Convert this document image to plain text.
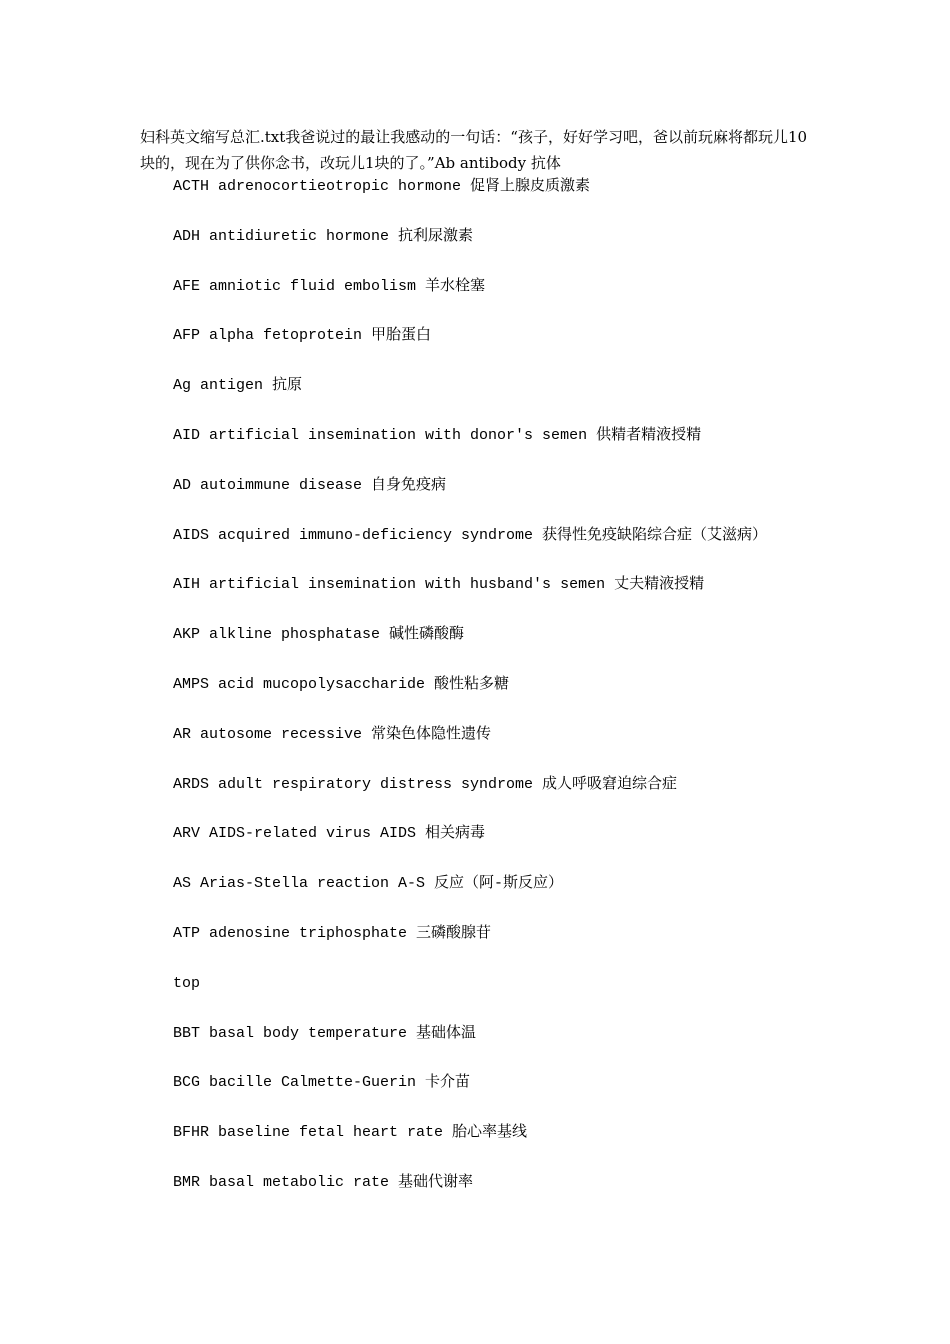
妇科英文缩写总汇.txt我爸说过的最让我感动的一句话：“孩子，好好学习吧，爸以前玩麻将都玩儿10块的，现在为了供你念书，改玩儿1块的了。”Ab antibody 抗体
ACTH adrenocortieotropic hormone 促肾上腺皮质激素
ADH antidiuretic hormone 抗利尿激素
AFE amniotic fluid embolism 羊水栓塞
AFP alpha fetoprotein 甲胎蛋白
Ag antigen 抗原
AID artificial insemination with donor's semen 供精者精液授精
AD autoimmune disease 自身免疫病
AIDS acquired immuno-deficiency syndrome 获得性免疫缺陷综合症（艾滋病）
AIH artificial insemination with husband's semen 丈夫精液授精
AKP alkline phosphatase 碱性磷酸酶
AMPS acid mucopolysaccharide 酸性粘多糖
AR autosome recessive 常染色体隐性遗传
ARDS adult respiratory distress syndrome 成人呼吸窘迫综合症
ARV AIDS-related virus AIDS 相关病毒
AS Arias-Stella reaction A-S 反应（阿-斯反应）
ATP adenosine triphosphate 三磷酸腺苷
top
BBT basal body temperature 基础体温
BCG bacille Calmette-Guerin 卡介苗
BFHR baseline fetal heart rate 胎心率基线
BMR basal metabolic rate 基础代谢率
